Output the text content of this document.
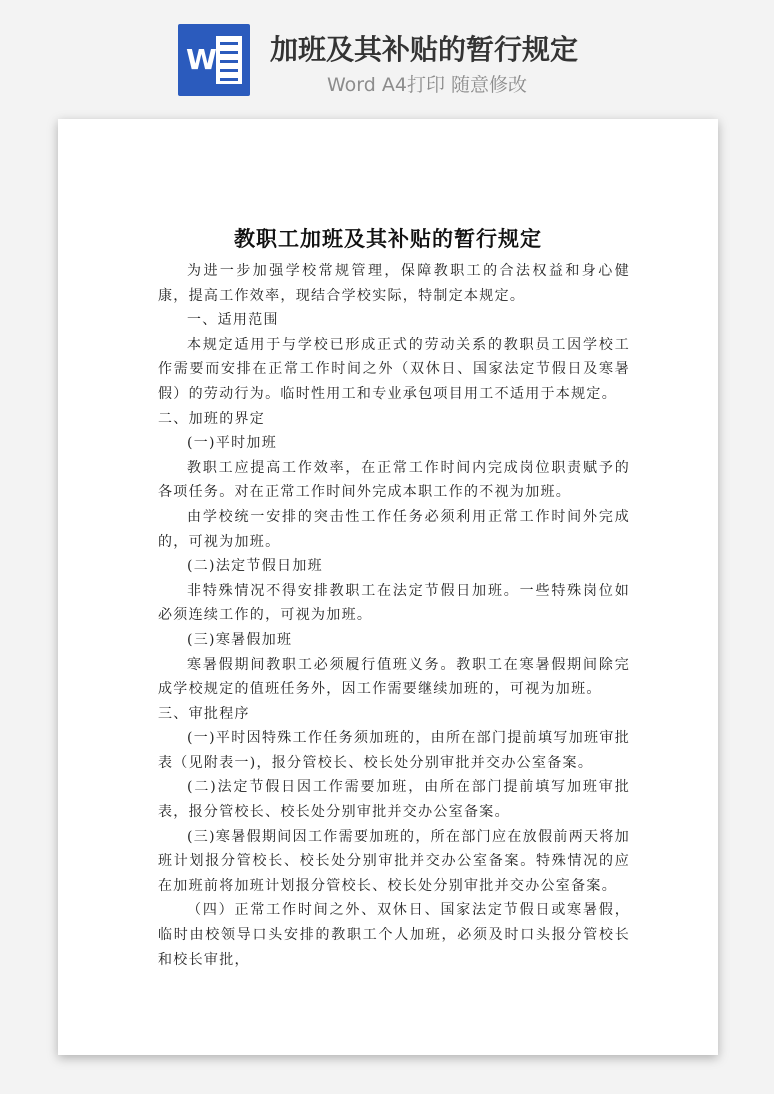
W 加班及其补贴的暂行规定
Word A4打印 随意修改
​
教职工加班及其补贴的暂行规定

为进一步加强学校常规管理，保障教职工的合法权益和身心健康，提高工作效率，现结合学校实际，特制定本规定。

一、适用范围

本规定适用于与学校已形成正式的劳动关系的教职员工因学校工作需要而安排在正常工作时间之外（双休日、国家法定节假日及寒暑假）的劳动行为。临时性用工和专业承包项目用工不适用于本规定。

二、加班的界定

(一)平时加班

教职工应提高工作效率，在正常工作时间内完成岗位职责赋予的各项任务。对在正常工作时间外完成本职工作的不视为加班。

由学校统一安排的突击性工作任务必须利用正常工作时间外完成的，可视为加班。

(二)法定节假日加班

非特殊情况不得安排教职工在法定节假日加班。一些特殊岗位如必须连续工作的，可视为加班。

(三)寒暑假加班

寒暑假期间教职工必须履行值班义务。教职工在寒暑假期间除完成学校规定的值班任务外，因工作需要继续加班的，可视为加班。

三、审批程序

(一)平时因特殊工作任务须加班的，由所在部门提前填写加班审批表（见附表一)，报分管校长、校长处分别审批并交办公室备案。

(二)法定节假日因工作需要加班，由所在部门提前填写加班审批表，报分管校长、校长处分别审批并交办公室备案。

(三)寒暑假期间因工作需要加班的，所在部门应在放假前两天将加班计划报分管校长、校长处分别审批并交办公室备案。特殊情况的应在加班前将加班计划报分管校长、校长处分别审批并交办公室备案。

（四）正常工作时间之外、双休日、国家法定节假日或寒暑假，临时由校领导口头安排的教职工个人加班，必须及时口头报分管校长和校长审批，
